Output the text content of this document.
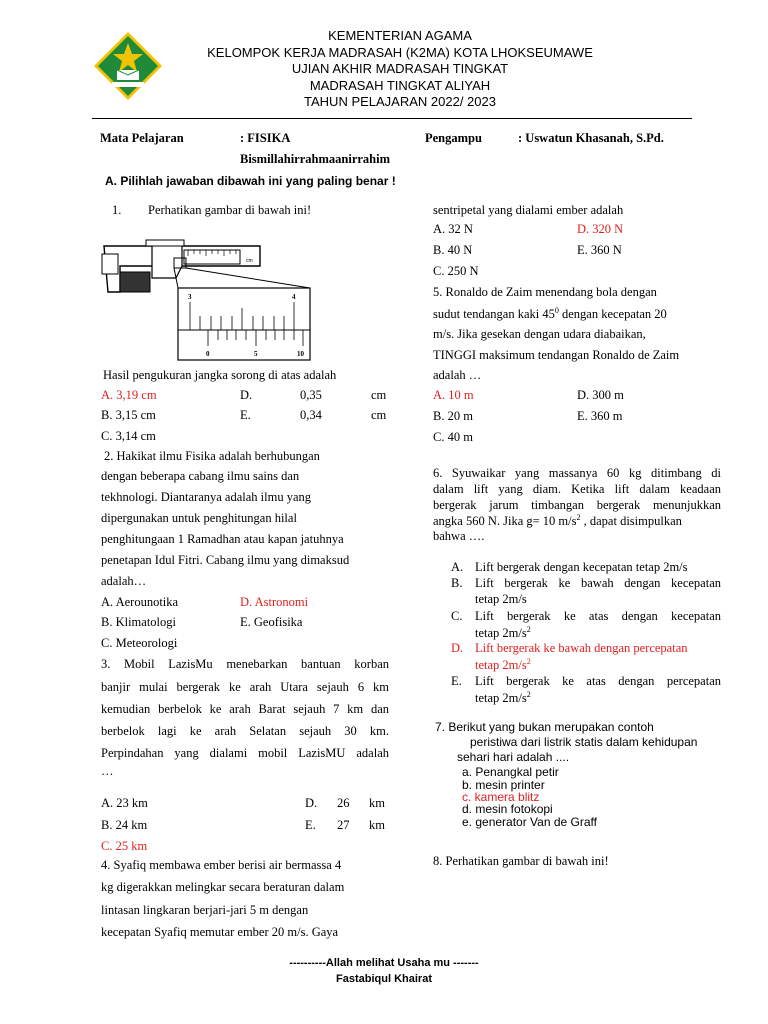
KEMENTERIAN AGAMA
KELOMPOK KERJA MADRASAH (K2MA) KOTA LHOKSEUMAWE
UJIAN AKHIR MADRASAH TINGKAT
MADRASAH TINGKAT ALIYAH
TAHUN PELAJARAN 2022/ 2023
Mata Pelajaran	: FISIKA	Pengampu	: Uswatun Khasanah, S.Pd.
Bismillahirrahmaanirrahim
A. Pilihlah jawaban dibawah ini yang paling benar !
1. Perhatikan gambar di bawah ini!
cm
3	4
0	5	10
Hasil pengukuran jangka sorong di atas adalah
A. 3,19 cm	D.	0,35	cm
B. 3,15 cm	E.	0,34	cm
C. 3,14 cm
2. Hakikat ilmu Fisika adalah berhubungan
dengan beberapa cabang ilmu sains dan
tekhnologi. Diantaranya adalah ilmu yang
dipergunakan untuk penghitungan hilal
penghitungaan 1 Ramadhan atau kapan jatuhnya
penetapan Idul Fitri. Cabang ilmu yang dimaksud
adalah…
A. Aerounotika	D. Astronomi
B. Klimatologi	E. Geofisika
C. Meteorologi
3. Mobil LazisMu menebarkan bantuan korban
banjir mulai bergerak ke arah Utara sejauh 6 km
kemudian berbelok ke arah Barat sejauh 7 km dan
berbelok lagi ke arah Selatan sejauh 30 km.
Perpindahan yang dialami mobil LazisMU adalah
…
A. 23 km	D. 26 km
B. 24 km	E. 27 km
C. 25 km
4. Syafiq membawa ember berisi air bermassa 4
kg digerakkan melingkar secara beraturan dalam
lintasan lingkaran berjari-jari 5 m dengan
kecepatan Syafiq memutar ember 20 m/s. Gaya
sentripetal yang dialami ember adalah
A. 32 N	D. 320 N
B. 40 N	E. 360 N
C. 250 N
5. Ronaldo de Zaim menendang bola dengan
sudut tendangan kaki $45^0$ dengan kecepatan 20
m/s. Jika gesekan dengan udara diabaikan,
TINGGI maksimum tendangan Ronaldo de Zaim
adalah …
A. 10 m	D. 300 m
B. 20 m	E. 360 m
C. 40 m
6. Syuwaikar yang massanya 60 kg ditimbang di
dalam lift yang diam. Ketika lift dalam keadaan
bergerak jarum timbangan bergerak menunjukkan
angka 560 N. Jika g= 10 $m/s^2$ , dapat disimpulkan
bahwa ….
A. Lift bergerak dengan kecepatan tetap 2m/s
B. Lift bergerak ke bawah dengan kecepatan
tetap 2m/s
C. Lift bergerak ke atas dengan kecepatan
tetap $2m/s^2$
D. Lift bergerak ke bawah dengan percepatan
tetap $2m/s^2$
E. Lift bergerak ke atas dengan percepatan
tetap $2m/s^2$
7. Berikut yang bukan merupakan contoh
peristiwa dari listrik statis dalam kehidupan
sehari hari adalah ....
a. Penangkal petir
b. mesin printer
c. kamera blitz
d. mesin fotokopi
e. generator Van de Graff
8. Perhatikan gambar di bawah ini!
----------Allah melihat Usaha mu -------
Fastabiqul Khairat
